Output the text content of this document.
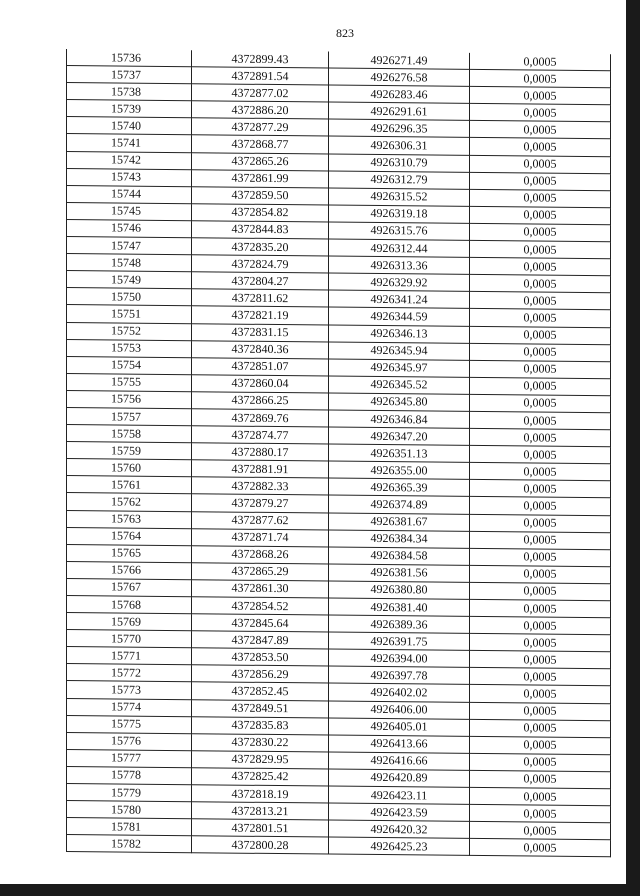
823
15736	4372899.43	4926271.49	0,0005
15737	4372891.54	4926276.58	0,0005
15738	4372877.02	4926283.46	0,0005
15739	4372886.20	4926291.61	0,0005
15740	4372877.29	4926296.35	0,0005
15741	4372868.77	4926306.31	0,0005
15742	4372865.26	4926310.79	0,0005
15743	4372861.99	4926312.79	0,0005
15744	4372859.50	4926315.52	0,0005
15745	4372854.82	4926319.18	0,0005
15746	4372844.83	4926315.76	0,0005
15747	4372835.20	4926312.44	0,0005
15748	4372824.79	4926313.36	0,0005
15749	4372804.27	4926329.92	0,0005
15750	4372811.62	4926341.24	0,0005
15751	4372821.19	4926344.59	0,0005
15752	4372831.15	4926346.13	0,0005
15753	4372840.36	4926345.94	0,0005
15754	4372851.07	4926345.97	0,0005
15755	4372860.04	4926345.52	0,0005
15756	4372866.25	4926345.80	0,0005
15757	4372869.76	4926346.84	0,0005
15758	4372874.77	4926347.20	0,0005
15759	4372880.17	4926351.13	0,0005
15760	4372881.91	4926355.00	0,0005
15761	4372882.33	4926365.39	0,0005
15762	4372879.27	4926374.89	0,0005
15763	4372877.62	4926381.67	0,0005
15764	4372871.74	4926384.34	0,0005
15765	4372868.26	4926384.58	0,0005
15766	4372865.29	4926381.56	0,0005
15767	4372861.30	4926380.80	0,0005
15768	4372854.52	4926381.40	0,0005
15769	4372845.64	4926389.36	0,0005
15770	4372847.89	4926391.75	0,0005
15771	4372853.50	4926394.00	0,0005
15772	4372856.29	4926397.78	0,0005
15773	4372852.45	4926402.02	0,0005
15774	4372849.51	4926406.00	0,0005
15775	4372835.83	4926405.01	0,0005
15776	4372830.22	4926413.66	0,0005
15777	4372829.95	4926416.66	0,0005
15778	4372825.42	4926420.89	0,0005
15779	4372818.19	4926423.11	0,0005
15780	4372813.21	4926423.59	0,0005
15781	4372801.51	4926420.32	0,0005
15782	4372800.28	4926425.23	0,0005
